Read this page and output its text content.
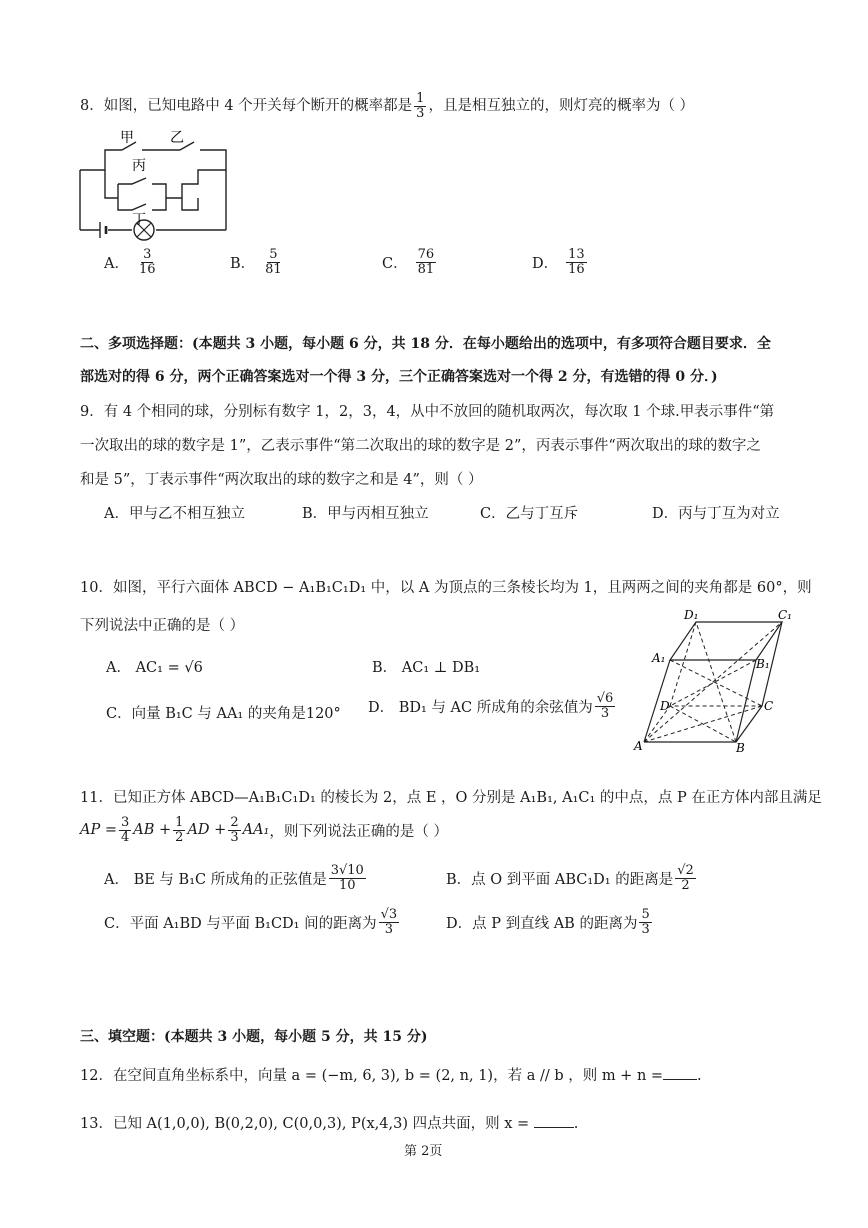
8．如图，已知电路中 4 个开关每个断开的概率都是 $\frac{1}{3}$ ，且是相互独立的，则灯亮的概率为（ ）
甲	乙
丙
丁
A． $\frac{3}{16}$	B． $\frac{5}{81}$	C． $\frac{76}{81}$	D． $\frac{13}{16}$
二、多项选择题：(本题共 3 小题，每小题 6 分，共 18 分．在每小题给出的选项中，有多项符合题目要求．全
部选对的得 6 分，两个正确答案选对一个得 3 分，三个正确答案选对一个得 2 分，有选错的得 0 分．)
9．有 4 个相同的球，分别标有数字 1，2，3，4，从中不放回的随机取两次，每次取 1 个球.甲表示事件“第
一次取出的球的数字是 1”，乙表示事件“第二次取出的球的数字是 2”，丙表示事件“两次取出的球的数字之
和是 5”，丁表示事件“两次取出的球的数字之和是 4”，则（ ）
A．甲与乙不相互独立	B．甲与丙相互独立	C．乙与丁互斥	D．丙与丁互为对立
10．如图，平行六面体 ABCD − A₁B₁C₁D₁ 中，以 A 为顶点的三条棱长均为 1，且两两之间的夹角都是 60°，则
下列说法中正确的是（ ）
A． AC₁ = √6	B． AC₁ ⊥ DB₁
C．向量 B₁C 与 AA₁ 的夹角是120° D． BD₁ 与 AC 所成角的余弦值为 $\frac{√6}{3}$
D₁	C₁
A₁	B₁
D	C
A	B
11．已知正方体 ABCD—A₁B₁C₁D₁ 的棱长为 2，点 E ，O 分别是 A₁B₁, A₁C₁ 的中点，点 P 在正方体内部且满足
AP = $\frac{3}{4}$ AB + $\frac{1}{2}$ AD + $\frac{2}{3} AA_1$ ，则下列说法正确的是（ ）
A． BE 与 B₁C 所成角的正弦值是 $\frac{3√10}{10}$	B．点 O 到平面 ABC₁D₁ 的距离是 $\frac{√2}{2}$
C．平面 A₁BD 与平面 B₁CD₁ 间的距离为 $\frac{√3}{3}$	D．点 P 到直线 AB 的距离为 $\frac{5}{3}$
三、填空题：(本题共 3 小题，每小题 5 分，共 15 分)
12．在空间直角坐标系中，向量 a = (−m, 6, 3), b = (2, n, 1)，若 a // b ，则 m + n = .
13．已知 A(1,0,0), B(0,2,0), C(0,0,3), P(x,4,3) 四点共面，则 x =	.
第 2页
